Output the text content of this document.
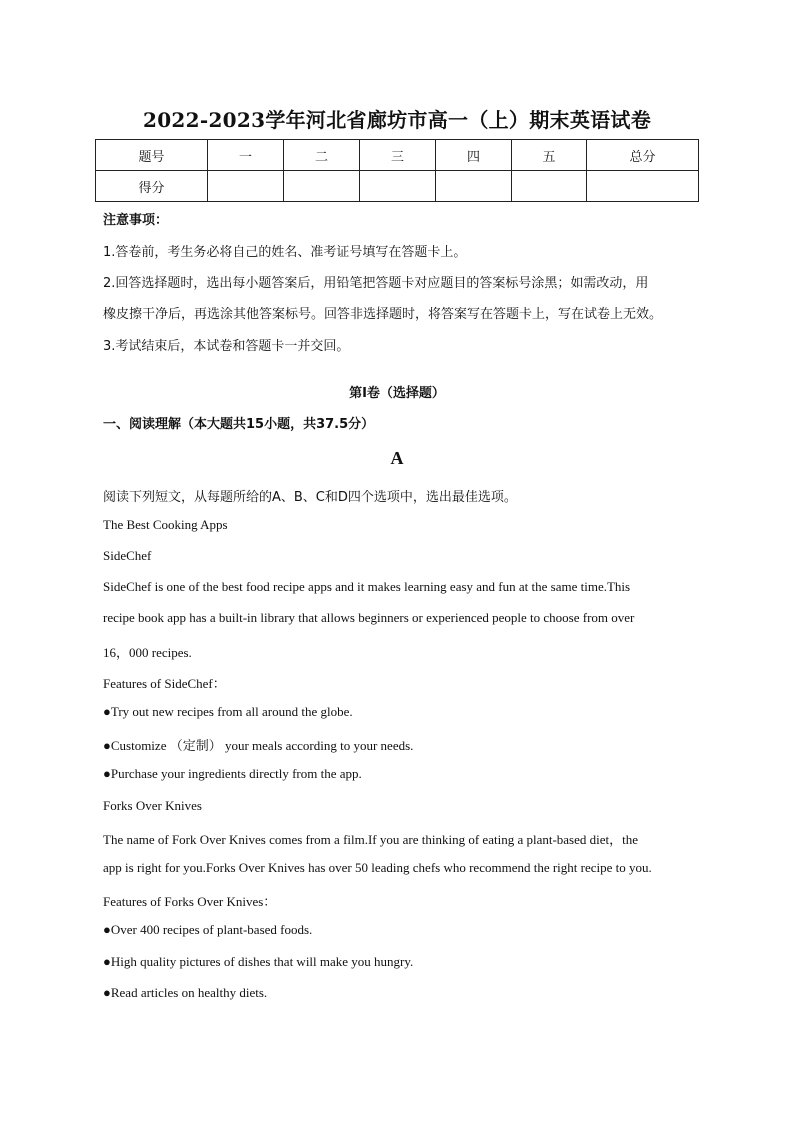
2022-2023学年河北省廊坊市高一（上）期末英语试卷
题号	一	二	三	四	五	总分
得分						
注意事项：
1.答卷前，考生务必将自己的姓名、准考证号填写在答题卡上。
2.回答选择题时，选出每小题答案后，用铅笔把答题卡对应题目的答案标号涂黑；如需改动，用
橡皮擦干净后，再选涂其他答案标号。回答非选择题时，将答案写在答题卡上，写在试卷上无效。
3.考试结束后，本试卷和答题卡一并交回。
第I卷（选择题）
一、阅读理解（本大题共15小题，共37.5分）
A
阅读下列短文，从每题所给的A、B、C和D四个选项中，选出最佳选项。
The Best Cooking Apps
SideChef
SideChef is one of the best food recipe apps and it makes learning easy and fun at the same time.This
recipe book app has a built-in library that allows beginners or experienced people to choose from over
16，000 recipes.
Features of SideChef：
●Try out new recipes from all around the globe.
●Customize （定制） your meals according to your needs.
●Purchase your ingredients directly from the app.
Forks Over Knives
The name of Fork Over Knives comes from a film.If you are thinking of eating a plant-based diet，the
app is right for you.Forks Over Knives has over 50 leading chefs who recommend the right recipe to you.
Features of Forks Over Knives：
●Over 400 recipes of plant-based foods.
●High quality pictures of dishes that will make you hungry.
●Read articles on healthy diets.
